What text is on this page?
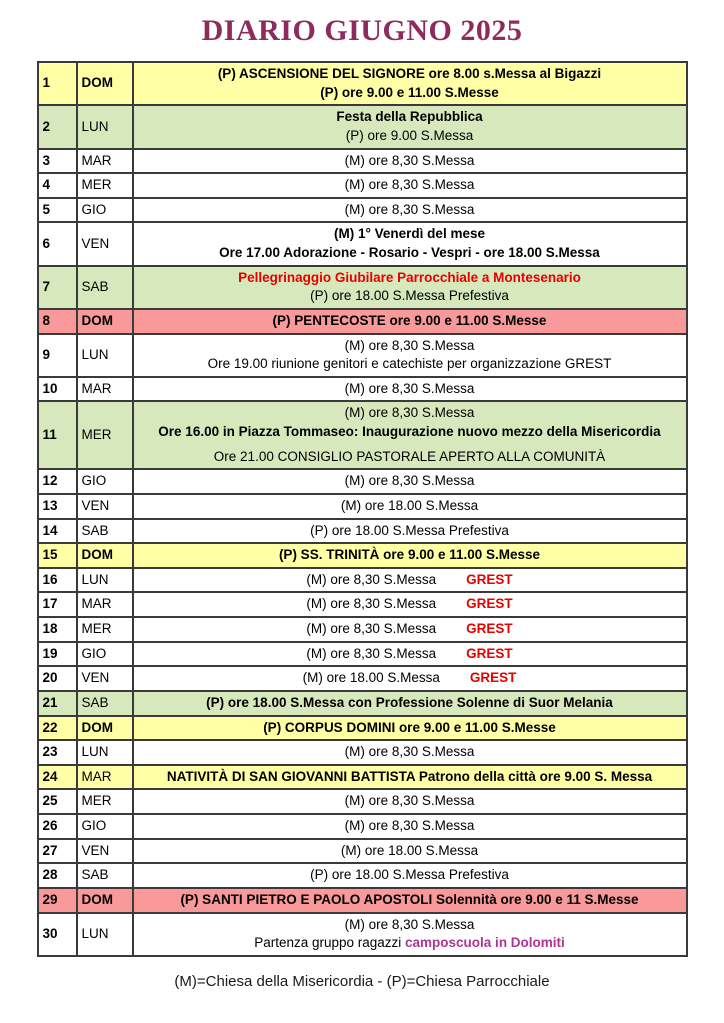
DIARIO GIUGNO 2025
1	DOM	(P) ASCENSIONE DEL SIGNORE ore 8.00 s.Messa al Bigazzi
(P) ore 9.00 e 11.00 S.Messe

2	LUN	Festa della Repubblica
(P) ore 9.00 S.Messa

3	MAR	(M) ore 8,30 S.Messa

4	MER	(M) ore 8,30 S.Messa

5	GIO	(M) ore 8,30 S.Messa

6	VEN	(M) 1° Venerdì del mese
Ore 17.00 Adorazione - Rosario - Vespri - ore 18.00 S.Messa

7	SAB	Pellegrinaggio Giubilare Parrocchiale a Montesenario
(P) ore 18.00 S.Messa Prefestiva

8	DOM	(P) PENTECOSTE ore 9.00 e 11.00 S.Messe

9	LUN	(M) ore 8,30 S.Messa
Ore 19.00 riunione genitori e catechiste per organizzazione GREST

10	MAR	(M) ore 8,30 S.Messa

11	MER	(M) ore 8,30 S.Messa
Ore 16.00 in Piazza Tommaseo: Inaugurazione nuovo mezzo della Misericordia
Ore 21.00 CONSIGLIO PASTORALE APERTO ALLA COMUNITÀ

12	GIO	(M) ore 8,30 S.Messa

13	VEN	(M) ore 18.00 S.Messa

14	SAB	(P) ore 18.00 S.Messa Prefestiva

15	DOM	(P) SS. TRINITÀ ore 9.00 e 11.00 S.Messe

16	LUN	(M) ore 8,30 S.Messa GREST

17	MAR	(M) ore 8,30 S.Messa GREST

18	MER	(M) ore 8,30 S.Messa GREST

19	GIO	(M) ore 8,30 S.Messa GREST

20	VEN	(M) ore 18.00 S.Messa GREST

21	SAB	(P) ore 18.00 S.Messa con Professione Solenne di Suor Melania

22	DOM	(P) CORPUS DOMINI ore 9.00 e 11.00 S.Messe

23	LUN	(M) ore 8,30 S.Messa

24	MAR	NATIVITÀ DI SAN GIOVANNI BATTISTA Patrono della città ore 9.00 S. Messa

25	MER	(M) ore 8,30 S.Messa

26	GIO	(M) ore 8,30 S.Messa

27	VEN	(M) ore 18.00 S.Messa

28	SAB	(P) ore 18.00 S.Messa Prefestiva

29	DOM	(P) SANTI PIETRO E PAOLO APOSTOLI Solennità ore 9.00 e 11 S.Messe

30	LUN	(M) ore 8,30 S.Messa
Partenza gruppo ragazzi camposcuola in Dolomiti
(M)=Chiesa della Misericordia - (P)=Chiesa Parrocchiale
